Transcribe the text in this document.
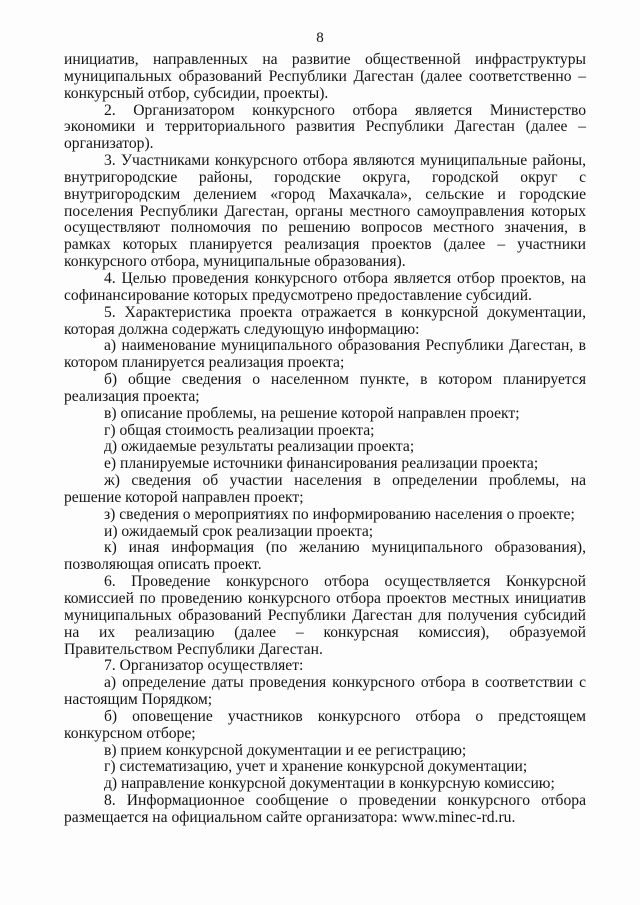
8

инициатив, направленных на развитие общественной инфраструктуры муниципальных образований Республики Дагестан (далее соответственно – конкурсный отбор, субсидии, проекты).

2. Организатором конкурсного отбора является Министерство экономики и территориального развития Республики Дагестан (далее – организатор).

3. Участниками конкурсного отбора являются муниципальные районы, внутригородские районы, городские округа, городской округ с внутригородским делением «город Махачкала», сельские и городские поселения Республики Дагестан, органы местного самоуправления которых осуществляют полномочия по решению вопросов местного значения, в рамках которых планируется реализация проектов (далее – участники конкурсного отбора, муниципальные образования).

4. Целью проведения конкурсного отбора является отбор проектов, на софинансирование которых предусмотрено предоставление субсидий.

5. Характеристика проекта отражается в конкурсной документации, которая должна содержать следующую информацию:

а) наименование муниципального образования Республики Дагестан, в котором планируется реализация проекта;

б) общие сведения о населенном пункте, в котором планируется реализация проекта;

в) описание проблемы, на решение которой направлен проект;

г) общая стоимость реализации проекта;

д) ожидаемые результаты реализации проекта;

е) планируемые источники финансирования реализации проекта;

ж) сведения об участии населения в определении проблемы, на решение которой направлен проект;

з) сведения о мероприятиях по информированию населения о проекте;

и) ожидаемый срок реализации проекта;

к) иная информация (по желанию муниципального образования), позволяющая описать проект.

6. Проведение конкурсного отбора осуществляется Конкурсной комиссией по проведению конкурсного отбора проектов местных инициатив муниципальных образований Республики Дагестан для получения субсидий на их реализацию (далее – конкурсная комиссия), образуемой Правительством Республики Дагестан.

7. Организатор осуществляет:

а) определение даты проведения конкурсного отбора в соответствии с настоящим Порядком;

б) оповещение участников конкурсного отбора о предстоящем конкурсном отборе;

в) прием конкурсной документации и ее регистрацию;

г) систематизацию, учет и хранение конкурсной документации;

д) направление конкурсной документации в конкурсную комиссию;

8. Информационное сообщение о проведении конкурсного отбора размещается на официальном сайте организатора: www.minec-rd.ru.
